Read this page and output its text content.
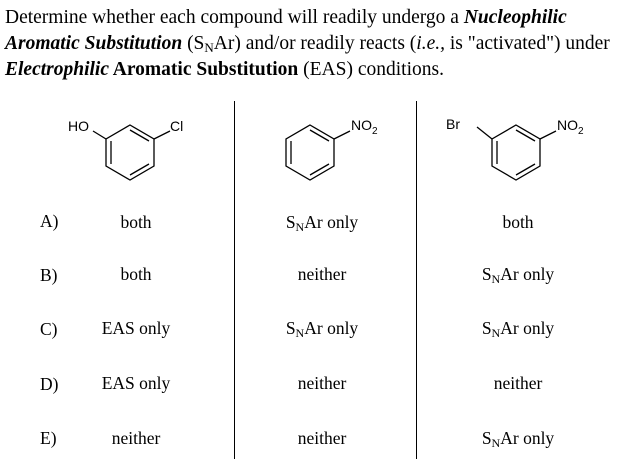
Determine whether each compound will readily undergo a Nucleophilic Aromatic Substitution $(S_NAr)$ and/or readily reacts (i.e., is "activated") under Electrophilic Aromatic Substitution (EAS) conditions.
HO	Cl	$NO_2$	Br	$NO_2$
A)	both	$S_NAr$ only	both
B)	both	neither	$S_NAr$ only
C)	EAS only	$S_NAr$ only	$S_NAr$ only
D) EAS only	neither	neither
E)	neither	neither	$S_NAr$ only
